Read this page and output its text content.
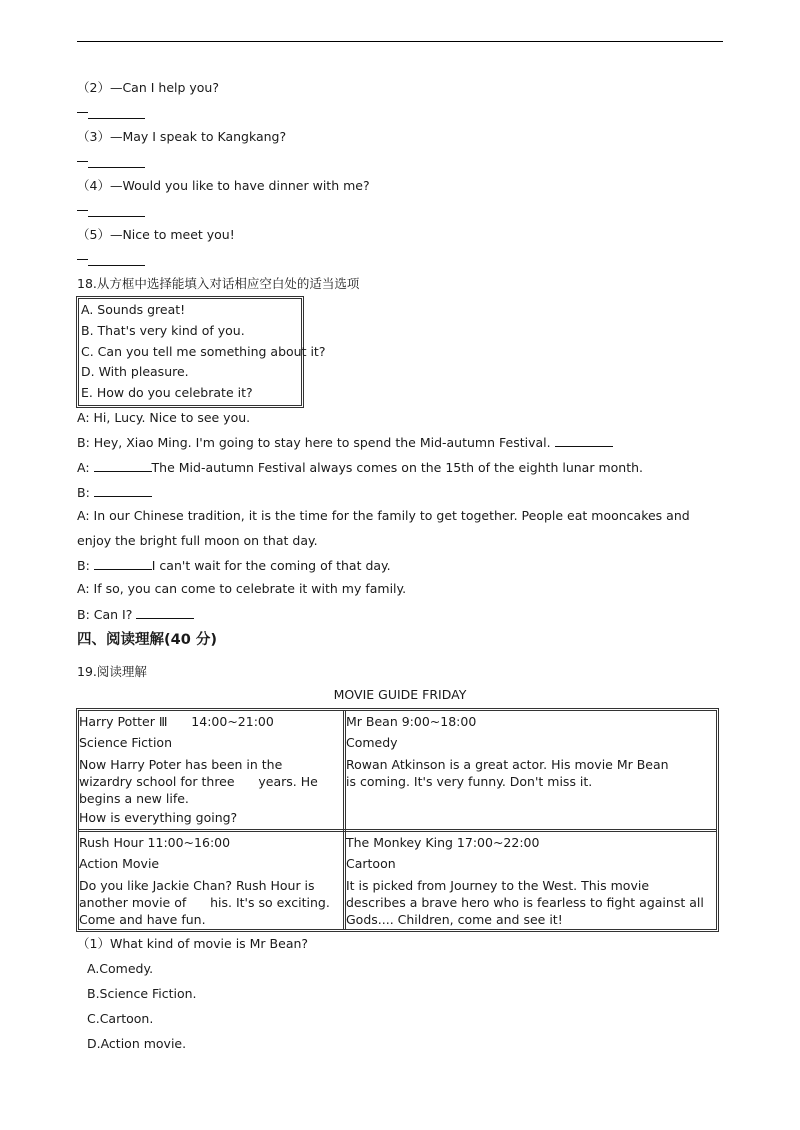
（2）—Can I help you?
（3）—May I speak to Kangkang?
（4）—Would you like to have dinner with me?
（5）—Nice to meet you!
18.从方框中选择能填入对话相应空白处的适当选项
A. Sounds great!
B. That's very kind of you.
C. Can you tell me something about it?
D. With pleasure.
E. How do you celebrate it?
A: Hi, Lucy. Nice to see you.
B: Hey, Xiao Ming. I'm going to stay here to spend the Mid-autumn Festival.
A:	The Mid-autumn Festival always comes on the 15th of the eighth lunar month.
B:
A: In our Chinese tradition, it is the time for the family to get together. People eat mooncakes and enjoy the bright full moon on that day.
B:	I can't wait for the coming of that day.
A: If so, you can come to celebrate it with my family.
B: Can I?
四、阅读理解(40 分)
19.阅读理解
MOVIE GUIDE FRIDAY
Harry Potter Ⅲ      14:00~21:00
Science Fiction
Now Harry Poter has been in the wizardry school for three      years. He begins a new life.
How is everything going?
Mr Bean 9:00~18:00
Comedy
Rowan Atkinson is a great actor. His movie Mr Bean is coming. It's very funny. Don't miss it.
Rush Hour 11:00~16:00
Action Movie
Do you like Jackie Chan? Rush Hour is another movie of      his. It's so exciting. Come and have fun.
The Monkey King 17:00~22:00
Cartoon
It is picked from Journey to the West. This movie      describes a brave hero who is fearless to fight against all Gods.... Children, come and see it!
（1）What kind of movie is Mr Bean?
A.Comedy.
B.Science Fiction.
C.Cartoon.
D.Action movie.
